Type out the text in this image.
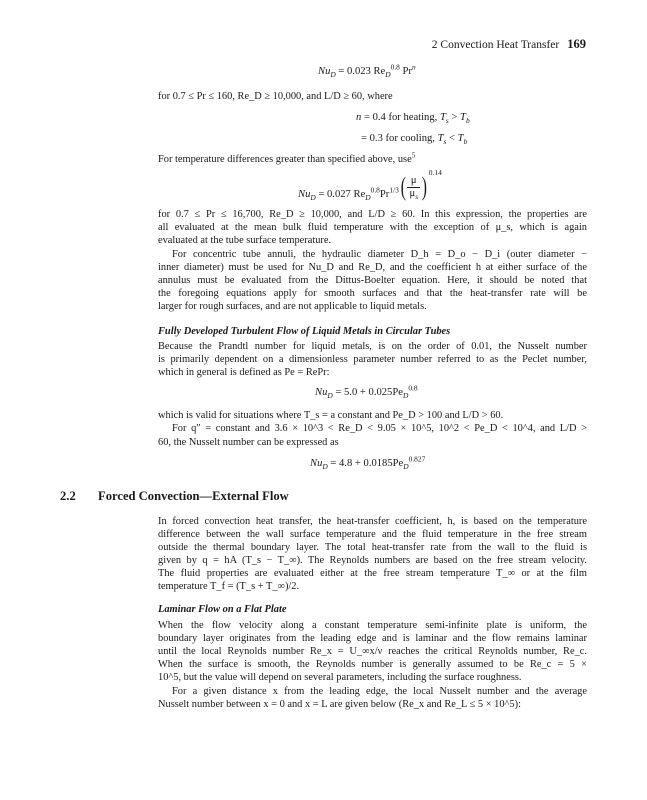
2 Convection Heat Transfer 169
$Nu_D = 0.023$ $Re_D^{0.8}$ Pr$^n$
for 0.7 ≤ Pr ≤ 160, Re_D ≥ 10,000, and L/D ≥ 60, where
n = 0.4 for heating, $T_s > T_b$
= 0.3 for cooling, $T_s < T_b$
For temperature differences greater than specified above, use$^5$
$Nu_D = 0.027$ $Re_D^{0.8}Pr^{1/3}$( μ
$\mu_s$ ) $^{0.14}$
for 0.7 ≤ Pr ≤ 16,700, Re_D ≥ 10,000, and L/D ≥ 60. In this expression, the properties are
all evaluated at the mean bulk fluid temperature with the exception of μ_s, which is again
evaluated at the tube surface temperature.
For concentric tube annuli, the hydraulic diameter D_h = D_o − D_i (outer diameter −
inner diameter) must be used for Nu_D and Re_D, and the coefficient h at either surface of the
annulus must be evaluated from the Dittus-Boelter equation. Here, it should be noted that
the foregoing equations apply for smooth surfaces and that the heat-transfer rate will be
larger for rough surfaces, and are not applicable to liquid metals.
Fully Developed Turbulent Flow of Liquid Metals in Circular Tubes
Because the Prandtl number for liquid metals, is on the order of 0.01, the Nusselt number
is primarily dependent on a dimensionless parameter number referred to as the Peclet number,
which in general is defined as Pe = RePr:
$Nu_D = 5.0 + 0.025Pe_D^{0.8}$
which is valid for situations where T_s = a constant and Pe_D > 100 and L/D > 60.
For q″ = constant and 3.6 × 10^3 < Re_D < 9.05 × 10^5, 10^2 < Pe_D < 10^4, and L/D >
60, the Nusselt number can be expressed as
$Nu_D = 4.8 + 0.0185Pe_D^{0.827}$
2.2 Forced Convection—External Flow
In forced convection heat transfer, the heat-transfer coefficient, h, is based on the temperature
difference between the wall surface temperature and the fluid temperature in the free stream
outside the thermal boundary layer. The total heat-transfer rate from the wall to the fluid is
given by q = hA (T_s − T_∞). The Reynolds numbers are based on the free stream velocity.
The fluid properties are evaluated either at the free stream temperature T_∞ or at the film
temperature T_f = (T_s + T_∞)/2.
Laminar Flow on a Flat Plate
When the flow velocity along a constant temperature semi-infinite plate is uniform, the
boundary layer originates from the leading edge and is laminar and the flow remains laminar
until the local Reynolds number Re_x = U_∞x/ν reaches the critical Reynolds number, Re_c.
When the surface is smooth, the Reynolds number is generally assumed to be Re_c = 5 ×
10^5, but the value will depend on several parameters, including the surface roughness.
For a given distance x from the leading edge, the local Nusselt number and the average
Nusselt number between x = 0 and x = L are given below (Re_x and Re_L ≤ 5 × 10^5):
